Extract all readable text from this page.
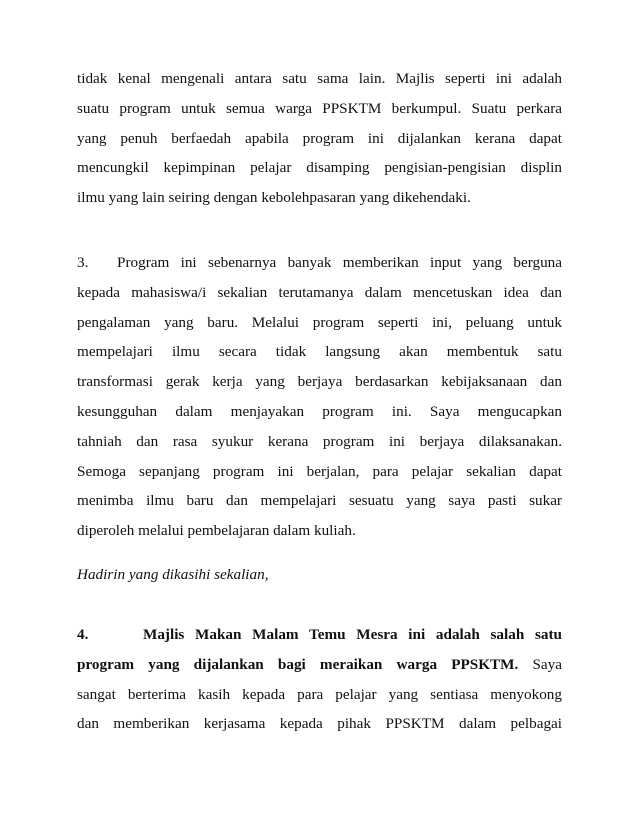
tidak kenal mengenali antara satu sama lain. Majlis seperti ini adalah
suatu program untuk semua warga PPSKTM berkumpul. Suatu perkara
yang penuh berfaedah apabila program ini dijalankan kerana dapat
mencungkil kepimpinan pelajar disamping pengisian-pengisian displin
ilmu yang lain seiring dengan kebolehpasaran yang dikehendaki.
3. Program ini sebenarnya banyak memberikan input yang berguna
kepada mahasiswa/i sekalian terutamanya dalam mencetuskan idea dan
pengalaman yang baru. Melalui program seperti ini, peluang untuk
mempelajari ilmu secara tidak langsung akan membentuk satu
transformasi gerak kerja yang berjaya berdasarkan kebijaksanaan dan
kesungguhan dalam menjayakan program ini. Saya mengucapkan
tahniah dan rasa syukur kerana program ini berjaya dilaksanakan.
Semoga sepanjang program ini berjalan, para pelajar sekalian dapat
menimba ilmu baru dan mempelajari sesuatu yang saya pasti sukar
diperoleh melalui pembelajaran dalam kuliah.
Hadirin yang dikasihi sekalian,
4.	Majlis Makan Malam Temu Mesra ini adalah salah satu
program yang dijalankan bagi meraikan warga PPSKTM. Saya
sangat berterima kasih kepada para pelajar yang sentiasa menyokong
dan memberikan kerjasama kepada pihak PPSKTM dalam pelbagai
